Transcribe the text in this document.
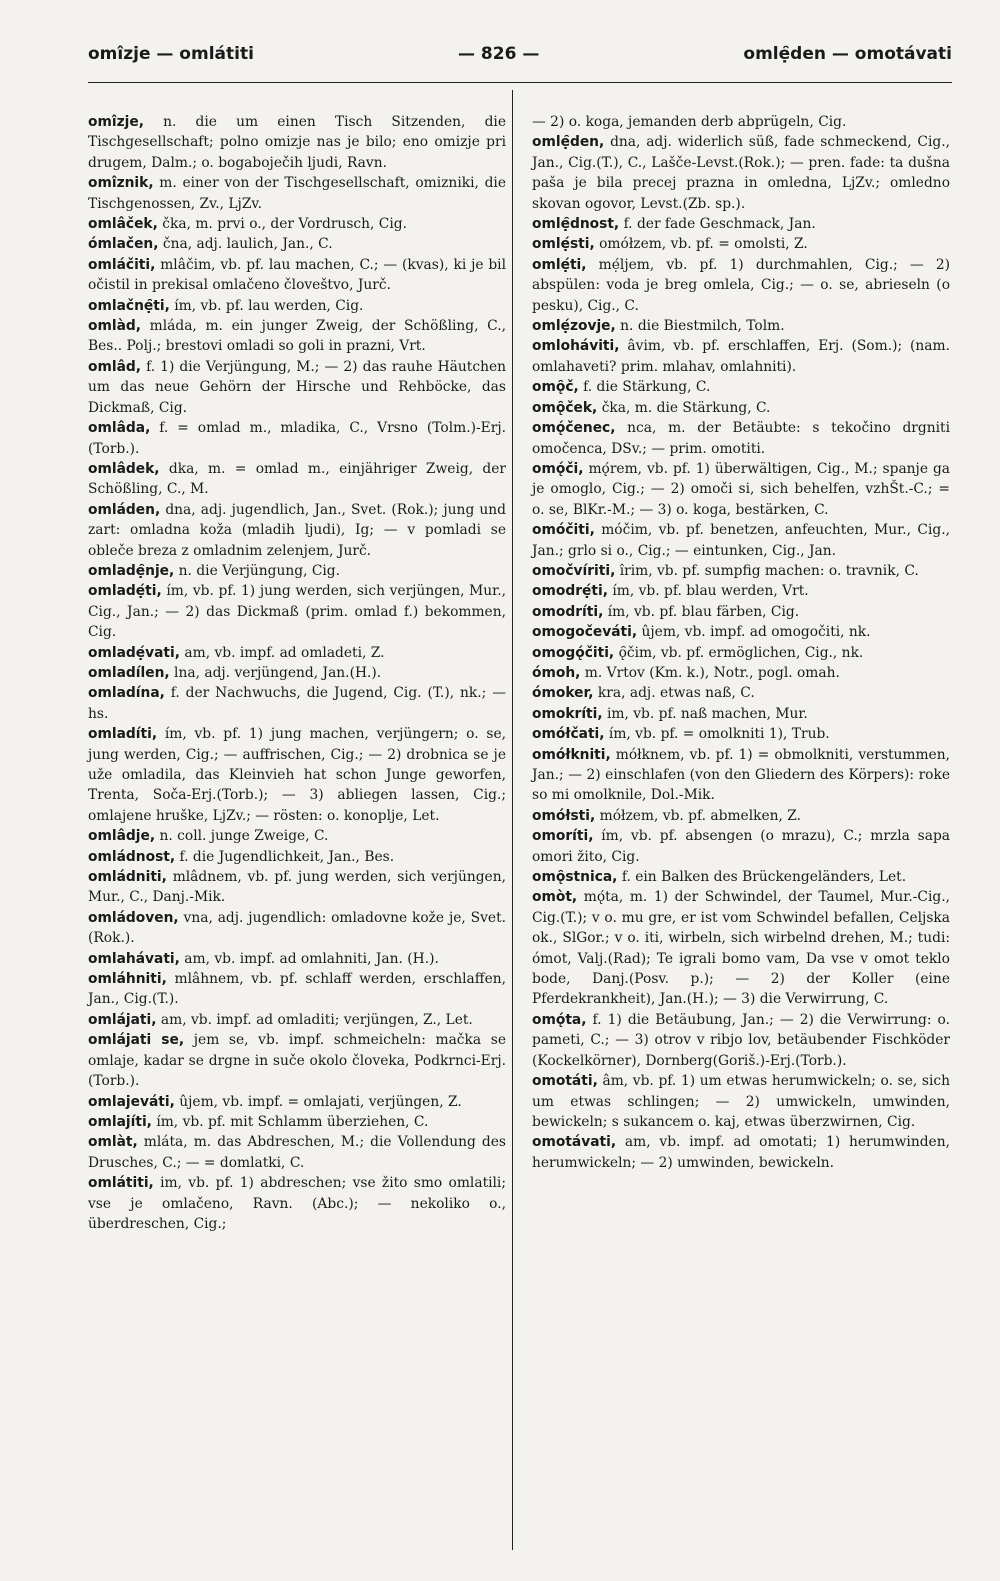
omîzje — omlátiti	— 826 —	omlẹ̑den — omotávati

omîzje, n. die um einen Tisch Sitzenden, die Tischgesellschaft; polno omizje nas je bilo; eno omizje pri drugem, Dalm.; o. bogaboječih ljudi, Ravn.

omîznik, m. einer von der Tischgesellschaft, omizniki, die Tischgenossen, Zv., LjZv.

omlâček, čka, m. prvi o., der Vordrusch, Cig.

ómlačen, čna, adj. laulich, Jan., C.

omláčiti, mlâčim, vb. pf. lau machen, C.; — (kvas), ki je bil očistil in prekisal omlačeno človeštvo, Jurč.

omlačnẹ̑ti, ím, vb. pf. lau werden, Cig.

omlàd, mláda, m. ein junger Zweig, der Schößling, C., Bes.. Polj.; brestovi omladi so goli in prazni, Vrt.

omlâd, f. 1) die Verjüngung, M.; — 2) das rauhe Häutchen um das neue Gehörn der Hirsche und Rehböcke, das Dickmaß, Cig.

omlâda, f. = omlad m., mladika, C., Vrsno (Tolm.)-Erj.(Torb.).

omlâdek, dka, m. = omlad m., einjähriger Zweig, der Schößling, C., M.

omláden, dna, adj. jugendlich, Jan., Svet. (Rok.); jung und zart: omladna koža (mladih ljudi), Ig; — v pomladi se obleče breza z omladnim zelenjem, Jurč.

omladẹ̑nje, n. die Verjüngung, Cig.

omladẹ́ti, ím, vb. pf. 1) jung werden, sich verjüngen, Mur., Cig., Jan.; — 2) das Dickmaß (prim. omlad f.) bekommen, Cig.

omladẹ́vati, am, vb. impf. ad omladeti, Z.

omladílen, lna, adj. verjüngend, Jan.(H.).

omladína, f. der Nachwuchs, die Jugend, Cig. (T.), nk.; — hs.

omladíti, ím, vb. pf. 1) jung machen, verjüngern; o. se, jung werden, Cig.; — auffrischen, Cig.; — 2) drobnica se je uže omladila, das Kleinvieh hat schon Junge geworfen, Trenta, Soča-Erj.(Torb.); — 3) abliegen lassen, Cig.; omlajene hruške, LjZv.; — rösten: o. konoplje, Let.

omlâdje, n. coll. junge Zweige, C.

omládnost, f. die Jugendlichkeit, Jan., Bes.

omládniti, mlâdnem, vb. pf. jung werden, sich verjüngen, Mur., C., Danj.-Mik.

omládoven, vna, adj. jugendlich: omladovne kože je, Svet.(Rok.).

omlahávati, am, vb. impf. ad omlahniti, Jan. (H.).

omláhniti, mlâhnem, vb. pf. schlaff werden, erschlaffen, Jan., Cig.(T.).

omlájati, am, vb. impf. ad omladiti; verjüngen, Z., Let.

omlájati se, jem se, vb. impf. schmeicheln: mačka se omlaje, kadar se drgne in suče okolo človeka, Podkrnci-Erj.(Torb.).

omlajeváti, ûjem, vb. impf. = omlajati, verjüngen, Z.

omlajíti, ím, vb. pf. mit Schlamm überziehen, C.

omlàt, mláta, m. das Abdreschen, M.; die Vollendung des Drusches, C.; — = domlatki, C.

omlátiti, im, vb. pf. 1) abdreschen; vse žito smo omlatili; vse je omlačeno, Ravn. (Abc.); — nekoliko o., überdreschen, Cig.;

— 2) o. koga, jemanden derb abprügeln, Cig.

omlẹ̑den, dna, adj. widerlich süß, fade schmeckend, Cig., Jan., Cig.(T.), C., Lašče-Levst.(Rok.); — pren. fade: ta dušna paša je bila precej prazna in omledna, LjZv.; omledno skovan ogovor, Levst.(Zb. sp.).

omlẹ̑dnost, f. der fade Geschmack, Jan.

omlẹ́sti, omółzem, vb. pf. = omolsti, Z.

omlẹ́ti, mẹ́ljem, vb. pf. 1) durchmahlen, Cig.; — 2) abspülen: voda je breg omlela, Cig.; — o. se, abrieseln (o pesku), Cig., C.

omlẹ́zovje, n. die Biestmilch, Tolm.

omloháviti, âvim, vb. pf. erschlaffen, Erj. (Som.); (nam. omlahaveti? prim. mlahav, omlahniti).

omǫ̑č, f. die Stärkung, C.

omǫ̑ček, čka, m. die Stärkung, C.

omǫ́čenec, nca, m. der Betäubte: s tekočino drgniti omočenca, DSv.; — prim. omotiti.

omǫ́či, mǫ́rem, vb. pf. 1) überwältigen, Cig., M.; spanje ga je omoglo, Cig.; — 2) omoči si, sich behelfen, vzhŠt.-C.; = o. se, BlKr.-M.; — 3) o. koga, bestärken, C.

omóčiti, móčim, vb. pf. benetzen, anfeuchten, Mur., Cig., Jan.; grlo si o., Cig.; — eintunken, Cig., Jan.

omočvíriti, îrim, vb. pf. sumpfig machen: o. travnik, C.

omodrẹ́ti, ím, vb. pf. blau werden, Vrt.

omodríti, ím, vb. pf. blau färben, Cig.

omogočeváti, ûjem, vb. impf. ad omogočiti, nk.

omogǫ́čiti, ǫ̑čim, vb. pf. ermöglichen, Cig., nk.

ómoh, m. Vrtov (Km. k.), Notr., pogl. omah.

ómoker, kra, adj. etwas naß, C.

omokríti, im, vb. pf. naß machen, Mur.

omółčati, ím, vb. pf. = omolkniti 1), Trub.

omółkniti, mółknem, vb. pf. 1) = obmolkniti, verstummen, Jan.; — 2) einschlafen (von den Gliedern des Körpers): roke so mi omolknile, Dol.-Mik.

omółsti, mółzem, vb. pf. abmelken, Z.

omoríti, ím, vb. pf. absengen (o mrazu), C.; mrzla sapa omori žito, Cig.

omǫ̑stnica, f. ein Balken des Brückengeländers, Let.

omòt, mǫ́ta, m. 1) der Schwindel, der Taumel, Mur.-Cig., Cig.(T.); v o. mu gre, er ist vom Schwindel befallen, Celjska ok., SlGor.; v o. iti, wirbeln, sich wirbelnd drehen, M.; tudi: ómot, Valj.(Rad); Te igrali bomo vam, Da vse v omot teklo bode, Danj.(Posv. p.); — 2) der Koller (eine Pferdekrankheit), Jan.(H.); — 3) die Verwirrung, C.

omǫ́ta, f. 1) die Betäubung, Jan.; — 2) die Verwirrung: o. pameti, C.; — 3) otrov v ribjo lov, betäubender Fischköder (Kockelkörner), Dornberg(Goriš.)-Erj.(Torb.).

omotáti, âm, vb. pf. 1) um etwas herumwickeln; o. se, sich um etwas schlingen; — 2) umwickeln, umwinden, bewickeln; s sukancem o. kaj, etwas überzwirnen, Cig.

omotávati, am, vb. impf. ad omotati; 1) herumwinden, herumwickeln; — 2) umwinden, bewickeln.
